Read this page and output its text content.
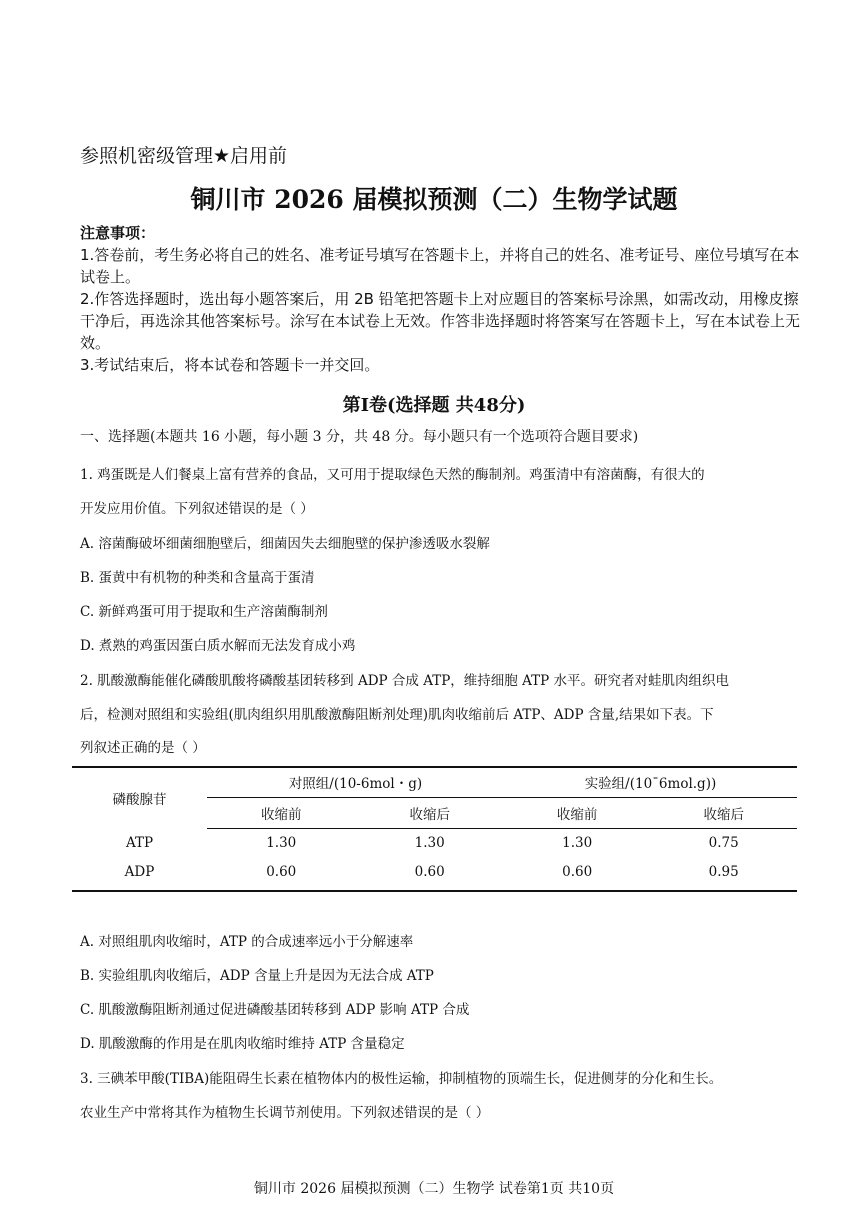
参照机密级管理★启用前
铜川市 2026 届模拟预测（二）生物学试题
注意事项：
1.答卷前，考生务必将自己的姓名、准考证号填写在答题卡上，并将自己的姓名、准考证号、座位号填写在本试卷上。
2.作答选择题时，选出每小题答案后，用 2B 铅笔把答题卡上对应题目的答案标号涂黑，如需改动，用橡皮擦干净后，再选涂其他答案标号。涂写在本试卷上无效。作答非选择题时将答案写在答题卡上，写在本试卷上无效。
3.考试结束后，将本试卷和答题卡一并交回。
第Ⅰ卷(选择题 共48分)
一、选择题(本题共 16 小题，每小题 3 分，共 48 分。每小题只有一个选项符合题目要求)
1. 鸡蛋既是人们餐桌上富有营养的食品，又可用于提取绿色天然的酶制剂。鸡蛋清中有溶菌酶，有很大的
开发应用价值。下列叙述错误的是（ ）
A. 溶菌酶破坏细菌细胞壁后，细菌因失去细胞壁的保护渗透吸水裂解
B. 蛋黄中有机物的种类和含量高于蛋清
C. 新鲜鸡蛋可用于提取和生产溶菌酶制剂
D. 煮熟的鸡蛋因蛋白质水解而无法发育成小鸡
2. 肌酸激酶能催化磷酸肌酸将磷酸基团转移到 ADP 合成 ATP，维持细胞 ATP 水平。研究者对蛙肌肉组织电
后，检测对照组和实验组(肌肉组织用肌酸激酶阻断剂处理)肌肉收缩前后 ATP、ADP 含量,结果如下表。下
列叙述正确的是（ ）
磷酸腺苷	对照组/(10-6mol・g)		实验组/(10ˉ6mol.g))	
	收缩前	收缩后	收缩前	收缩后
ATP	1.30	1.30	1.30	0.75
ADP	0.60	0.60	0.60	0.95
A. 对照组肌肉收缩时，ATP 的合成速率远小于分解速率
B. 实验组肌肉收缩后，ADP 含量上升是因为无法合成 ATP
C. 肌酸激酶阻断剂通过促进磷酸基团转移到 ADP 影响 ATP 合成
D. 肌酸激酶的作用是在肌肉收缩时维持 ATP 含量稳定
3. 三碘苯甲酸(TIBA)能阻碍生长素在植物体内的极性运输，抑制植物的顶端生长，促进侧芽的分化和生长。
农业生产中常将其作为植物生长调节剂使用。下列叙述错误的是（ ）
铜川市 2026 届模拟预测（二）生物学 试卷第1页 共10页
